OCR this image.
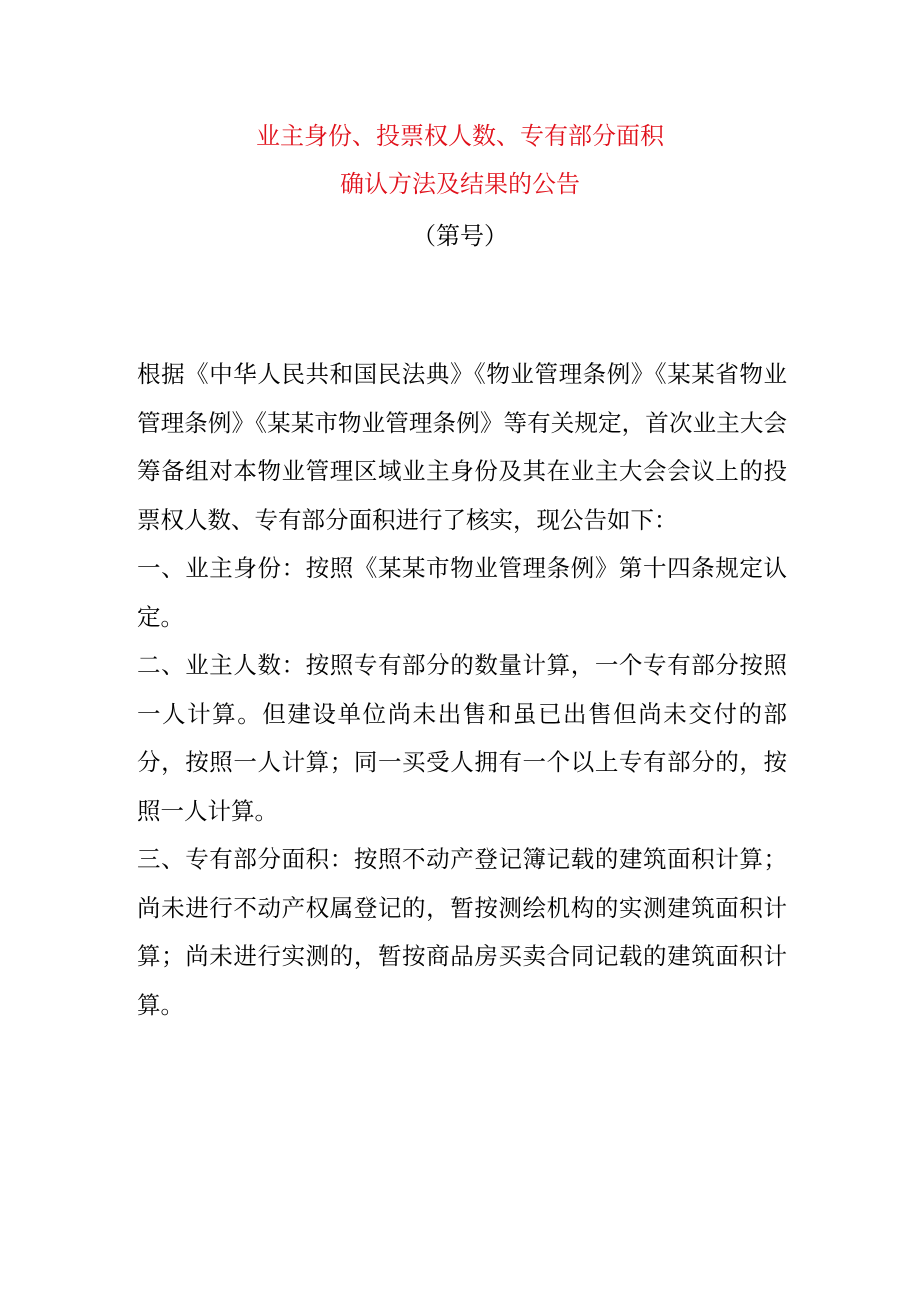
业主身份、投票权人数、专有部分面积
确认方法及结果的公告
（第号）

根据《中华人民共和国民法典》《物业管理条例》《某某省物业管理条例》《某某市物业管理条例》等有关规定，首次业主大会筹备组对本物业管理区域业主身份及其在业主大会会议上的投票权人数、专有部分面积进行了核实，现公告如下：

一、业主身份：按照《某某市物业管理条例》第十四条规定认定。

二、业主人数：按照专有部分的数量计算，一个专有部分按照一人计算。但建设单位尚未出售和虽已出售但尚未交付的部分，按照一人计算；同一买受人拥有一个以上专有部分的，按照一人计算。

三、专有部分面积：按照不动产登记簿记载的建筑面积计算；尚未进行不动产权属登记的，暂按测绘机构的实测建筑面积计算；尚未进行实测的，暂按商品房买卖合同记载的建筑面积计算。
